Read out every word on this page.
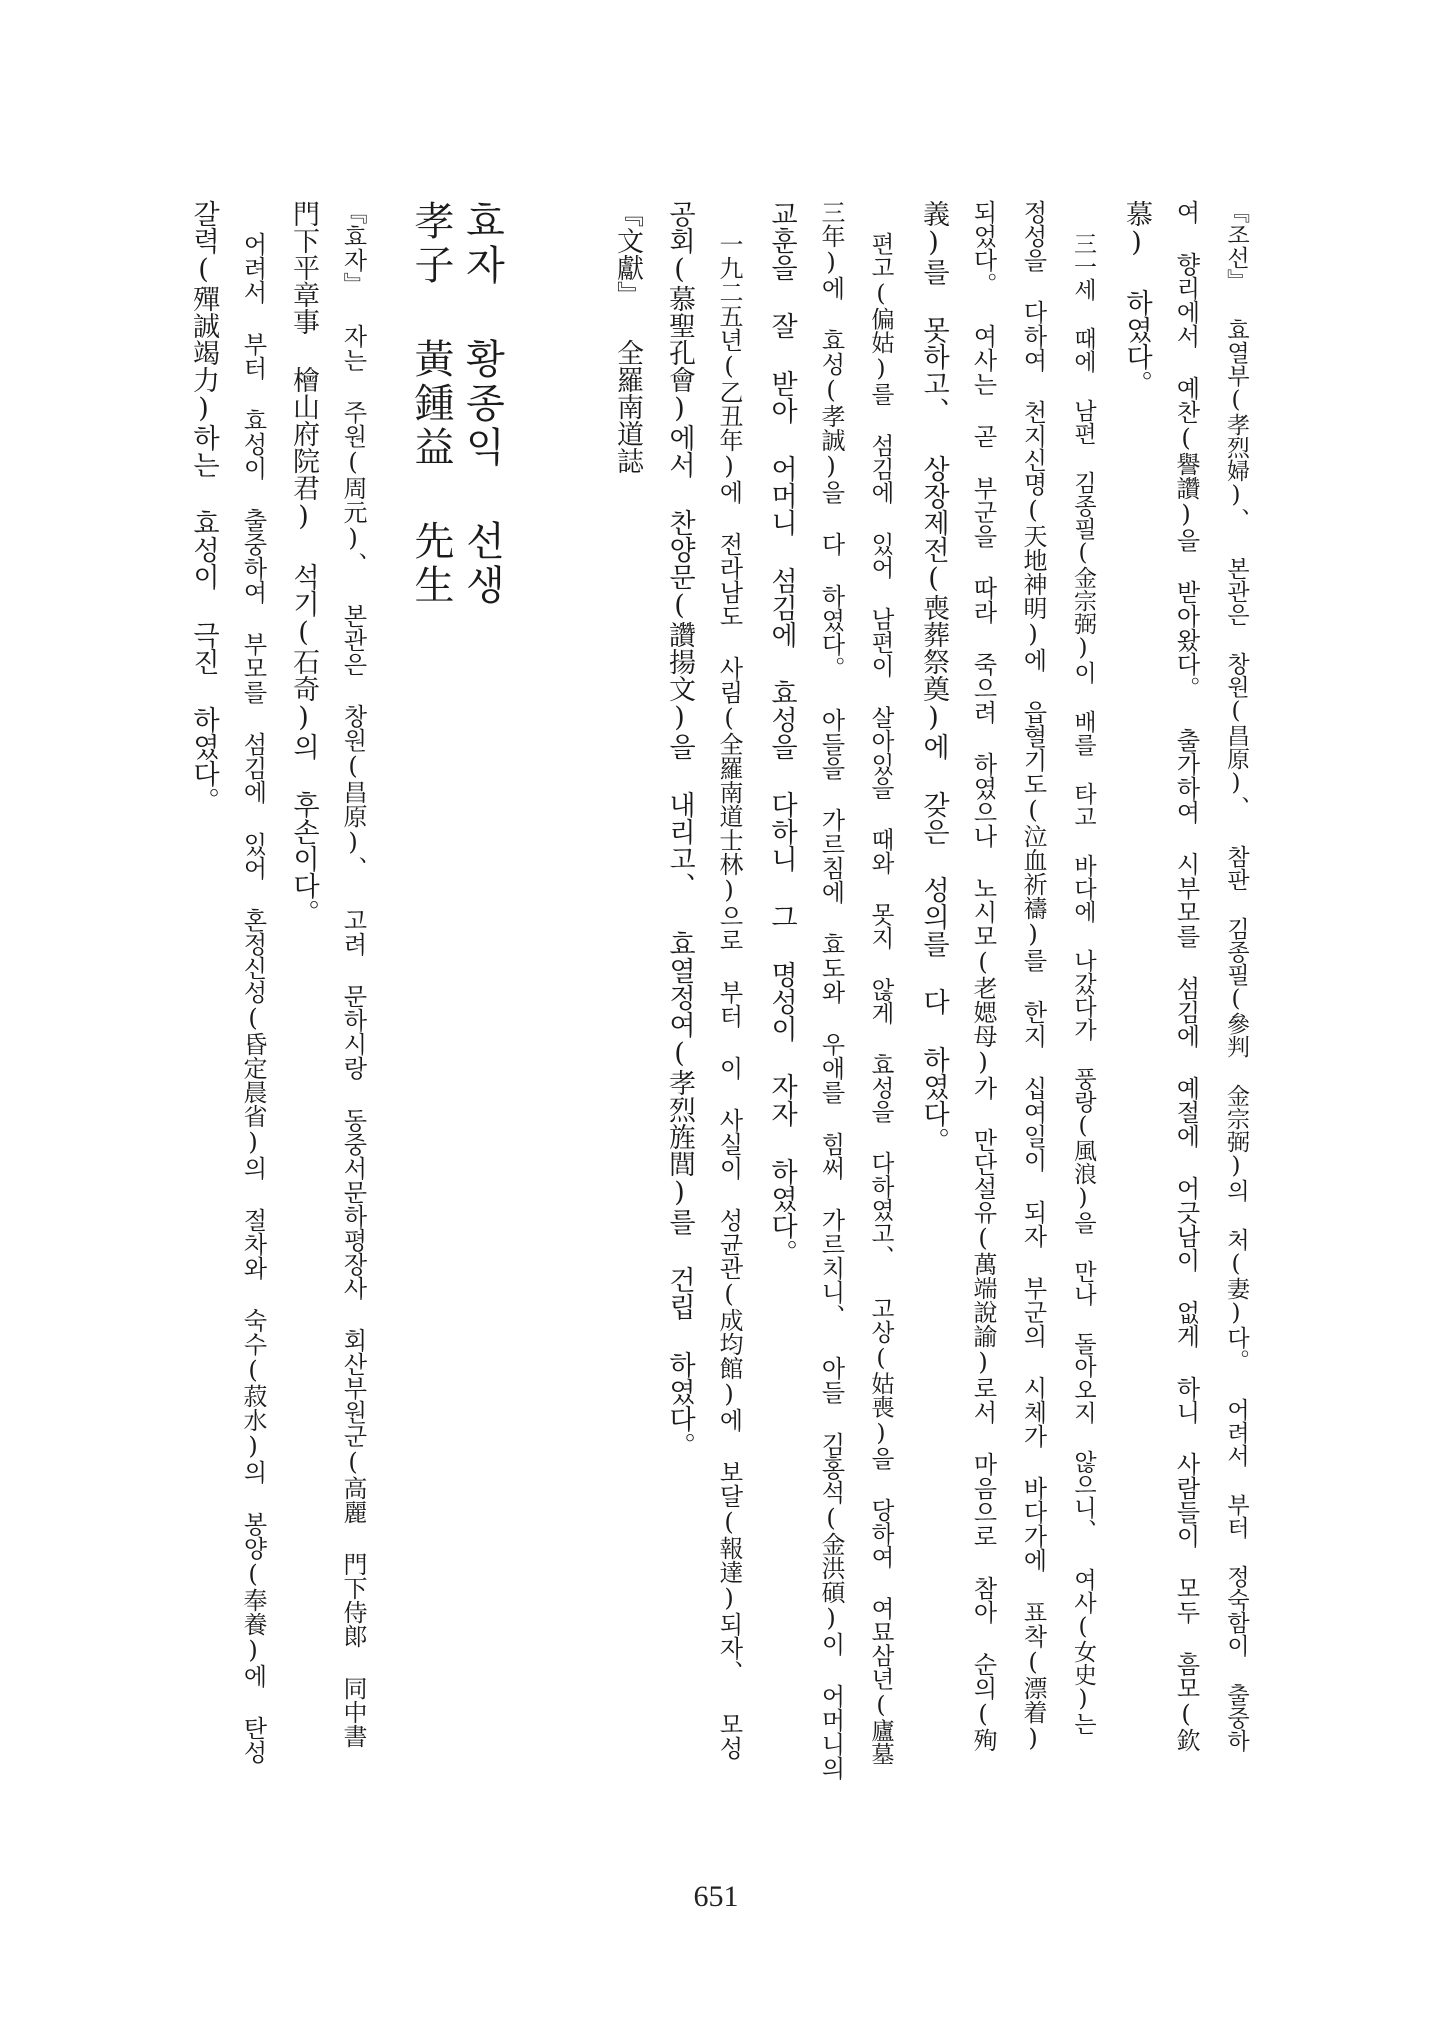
『조선』 효열부(孝烈婦)、 본관은 창원(昌原)、 참판 김종필(參判 金宗弼)의 처(妻)다。 어려서 부터 정숙함이 출중하
여 향리에서 예찬(譽讚)을 받아왔다。 출가하여 시부모를 섬김에 예절에 어긋남이 없게 하니 사람들이 모두 흠모(欽
慕) 하였다。
三一세 때에 남편 김종필(金宗弼)이 배를 타고 바다에 나갔다가 풍랑(風浪)을 만나 돌아오지 않으니、 여사(女史)는
정성을 다하여 천지신명(天地神明)에 읍혈기도(泣血祈禱)를 한지 십여일이 되자 부군의 시체가 바다가에 표착(漂着)
되었다。 여사는 곧 부군을 따라 죽으려 하였으나 노시모(老媤母)가 만단설유(萬端說諭)로서 마음으로 참아 순의(殉
義)를 못하고、 상장제전(喪葬祭奠)에 갖은 성의를 다 하였다。
편고(偏姑)를 섬김에 있어 남편이 살아있을 때와 못지 않게 효성을 다하였고、 고상(姑喪)을 당하여 여묘삼년(廬墓
三年)에 효성(孝誠)을 다 하였다。 아들을 가르침에 효도와 우애를 힘써 가르치니、 아들 김홍석(金洪碩)이 어머니의
교훈을 잘 받아 어머니 섬김에 효성을 다하니 그 명성이 자자 하였다。
一九二五년(乙丑年)에 전라남도 사림(全羅南道士林)으로 부터 이 사실이 성균관(成均館)에 보달(報達)되자、 모성
공회(慕聖孔會)에서 찬양문(讚揚文)을 내리고、 효열정여(孝烈旌閭)를 건립 하였다。
『文獻』 全羅南道誌
효자 황종익 선생
孝子 黃鍾益 先生
『효자』 자는 주원(周元)、 본관은 창원(昌原)、 고려 문하시랑 동중서문하평장사 회산부원군(高麗 門下侍郞 同中書
門下平章事 檜山府院君) 석기(石奇)의 후손이다。
어려서 부터 효성이 출중하여 부모를 섬김에 있어 혼정신성(昏定晨省)의 절차와 숙수(菽水)의 봉양(奉養)에 탄성
갈력(殫誠竭力)하는 효성이 극진 하였다。
651
